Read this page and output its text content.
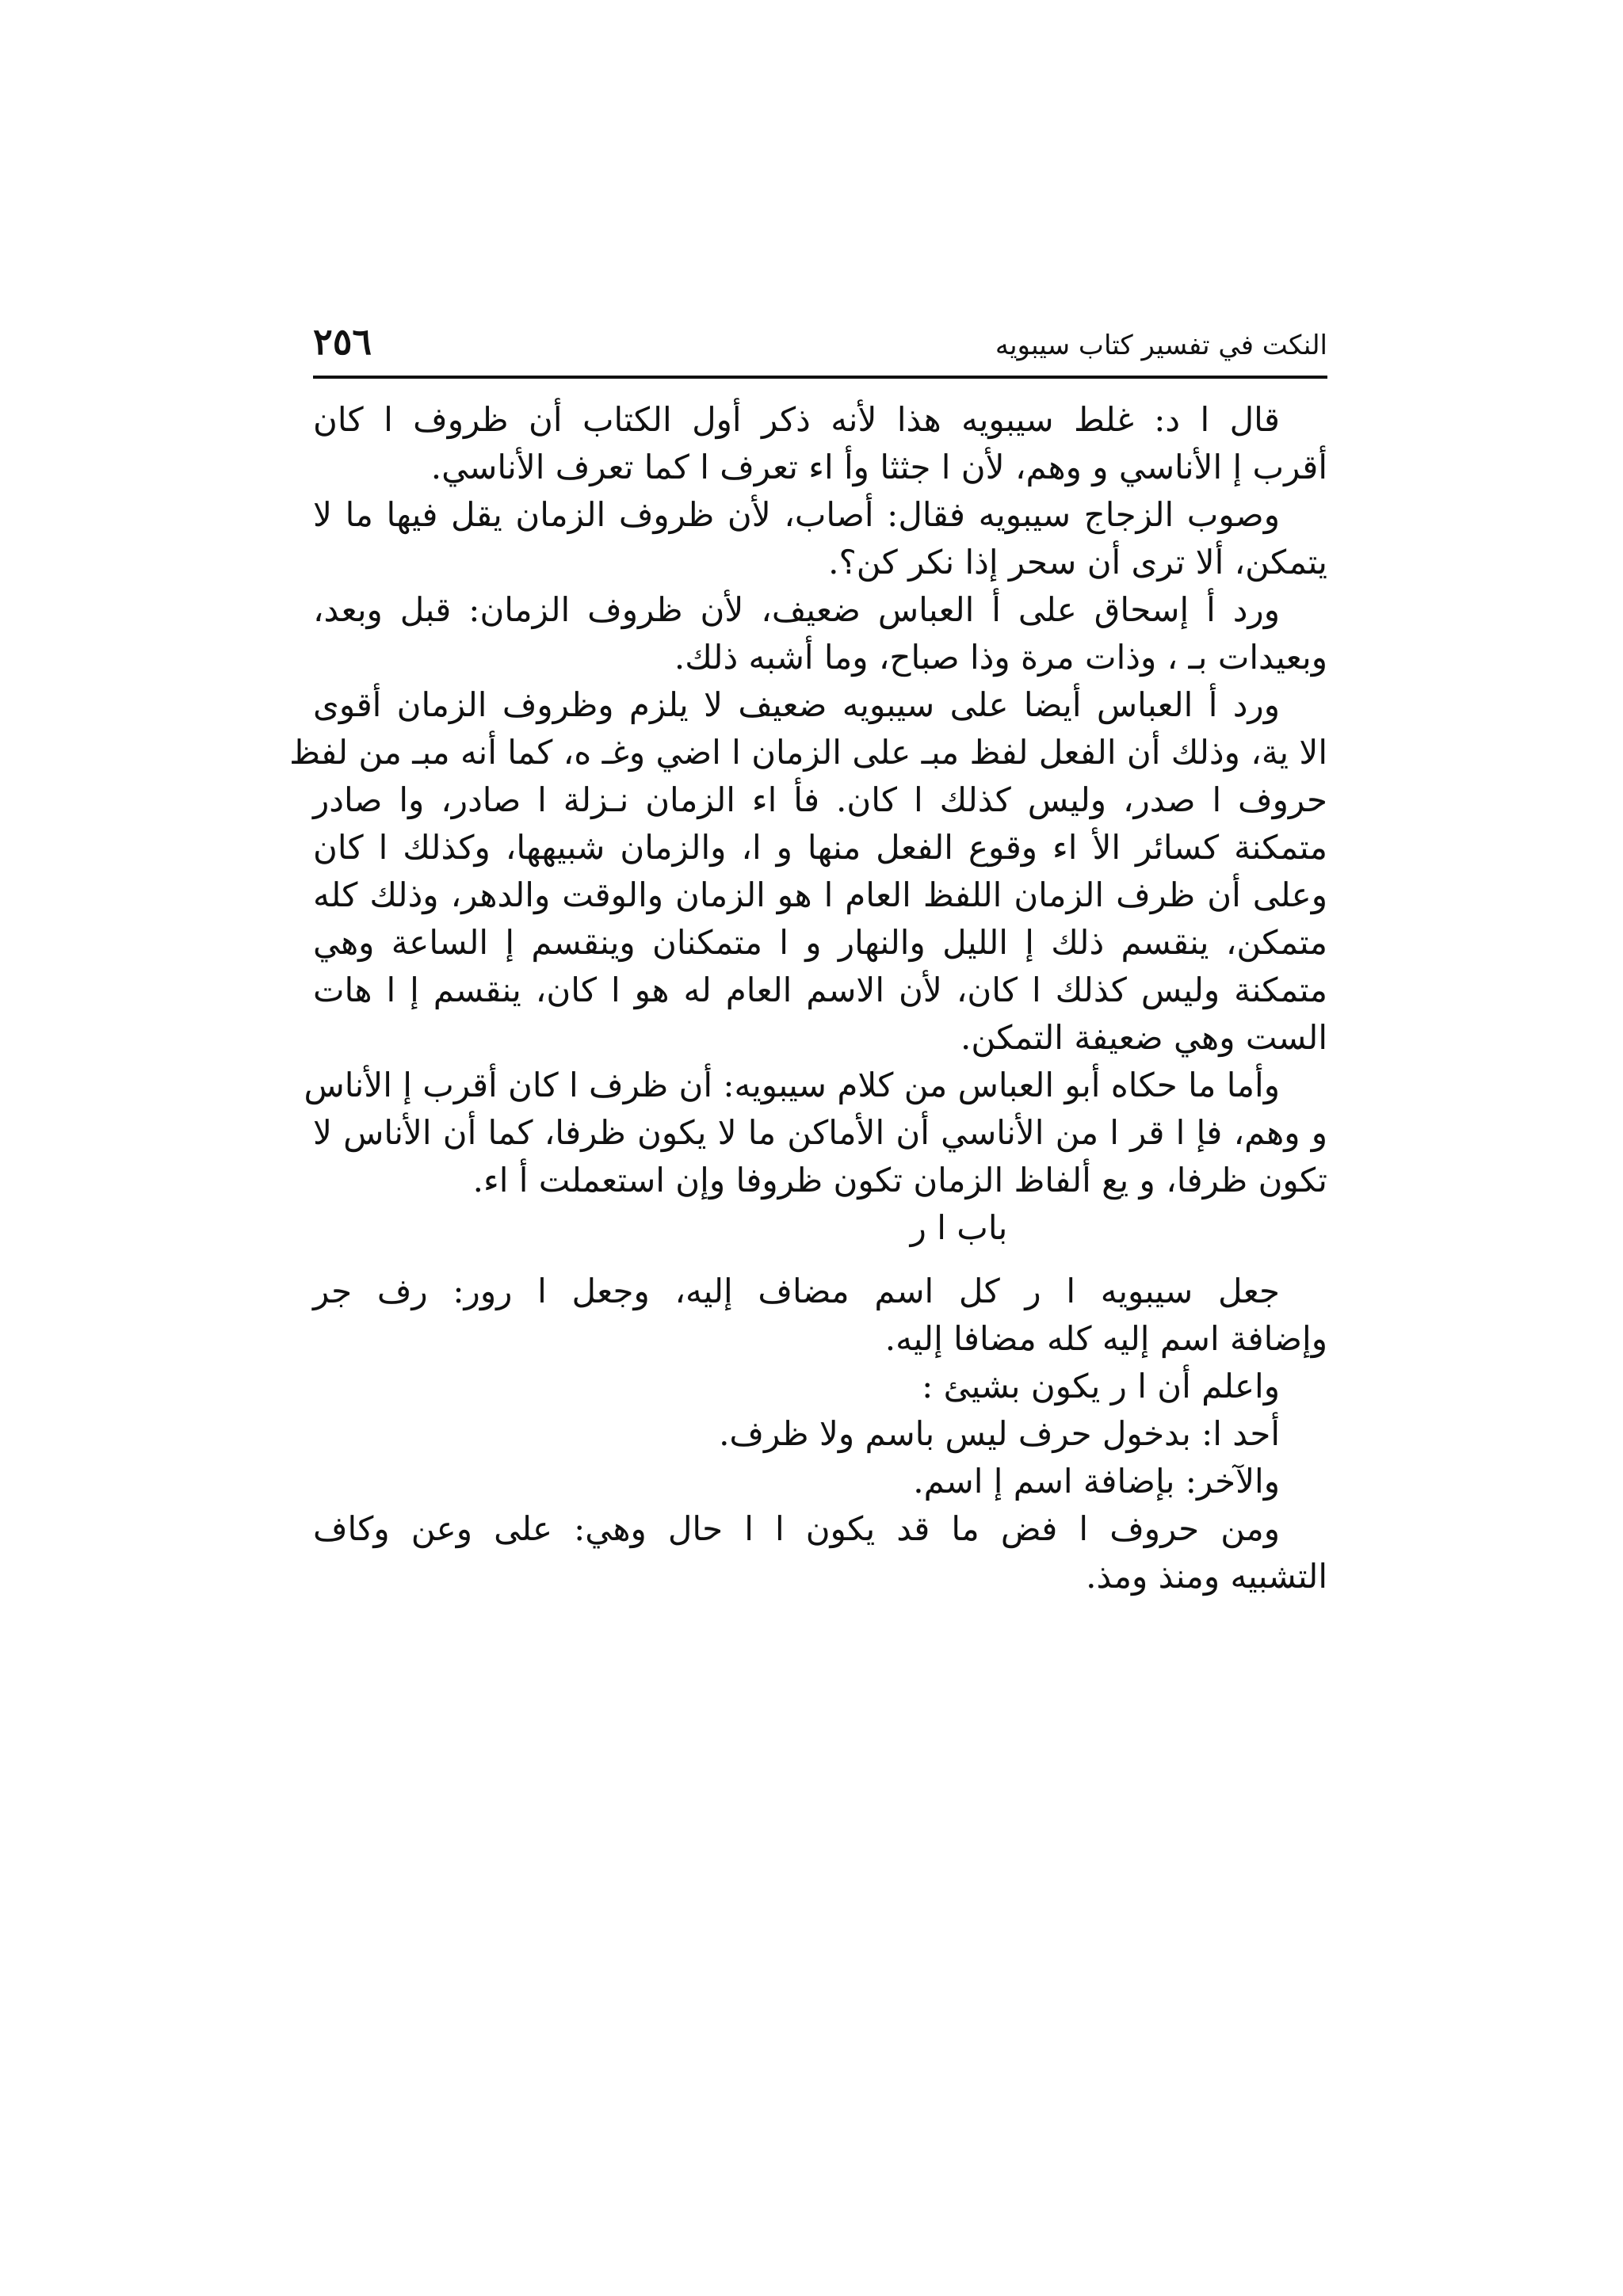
النكت في تفسير كتاب سيبويه
٢٥٦
قال ا د: غلط سيبويه هذا لأنه ذكر أول الكتاب أن ظروف ا كان
أقرب إ الأناسي و وهم، لأن ا جثثا وأ اء تعرف ا كما تعرف الأناسي.
وصوب الزجاج سيبويه فقال: أصاب، لأن ظروف الزمان يقل فيها ما لا
يتمكن، ألا ترى أن سحر إذا نكر كن؟.
ورد أ إسحاق على أ العباس ضعيف، لأن ظروف الزمان: قبل وبعد،
وبعيدات بـ ، وذات مرة وذا صباح، وما أشبه ذلك.
ورد أ العباس أيضا على سيبويه ضعيف لا يلزم وظروف الزمان أقوى
الا ية، وذلك أن الفعل لفظ مبـ على الزمان ا اضي وغـ ه، كما أنه مبـ من لفظ
حروف ا صدر، وليس كذلك ا كان. فأ اء الزمان نـزلة ا صادر، وا صادر
متمكنة كسائر الأ اء وقوع الفعل منها و ا، والزمان شبيهها، وكذلك ا كان
وعلى أن ظرف الزمان اللفظ العام ا هو الزمان والوقت والدهر، وذلك كله
متمكن، ينقسم ذلك إ الليل والنهار و ا متمكنان وينقسم إ الساعة وهي
متمكنة وليس كذلك ا كان، لأن الاسم العام له هو ا كان، ينقسم إ ا هات
الست وهي ضعيفة التمكن.
وأما ما حكاه أبو العباس من كلام سيبويه: أن ظرف ا كان أقرب إ الأناس
و وهم، فإ ا قر ا من الأناسي أن الأماكن ما لا يكون ظرفا، كما أن الأناس لا
تكون ظرفا، و يع ألفاظ الزمان تكون ظروفا وإن استعملت أ اء.
باب ا ر
جعل سيبويه ا ر كل اسم مضاف إليه، وجعل ا رور: رف جر
وإضافة اسم إليه كله مضافا إليه.
واعلم أن ا ر يكون بشيئ :
أحد ا: بدخول حرف ليس باسم ولا ظرف.
والآخر: بإضافة اسم إ اسم.
ومن حروف ا فض ما قد يكون ا ا حال وهي: على وعن وكاف
التشبيه ومنذ ومذ.
